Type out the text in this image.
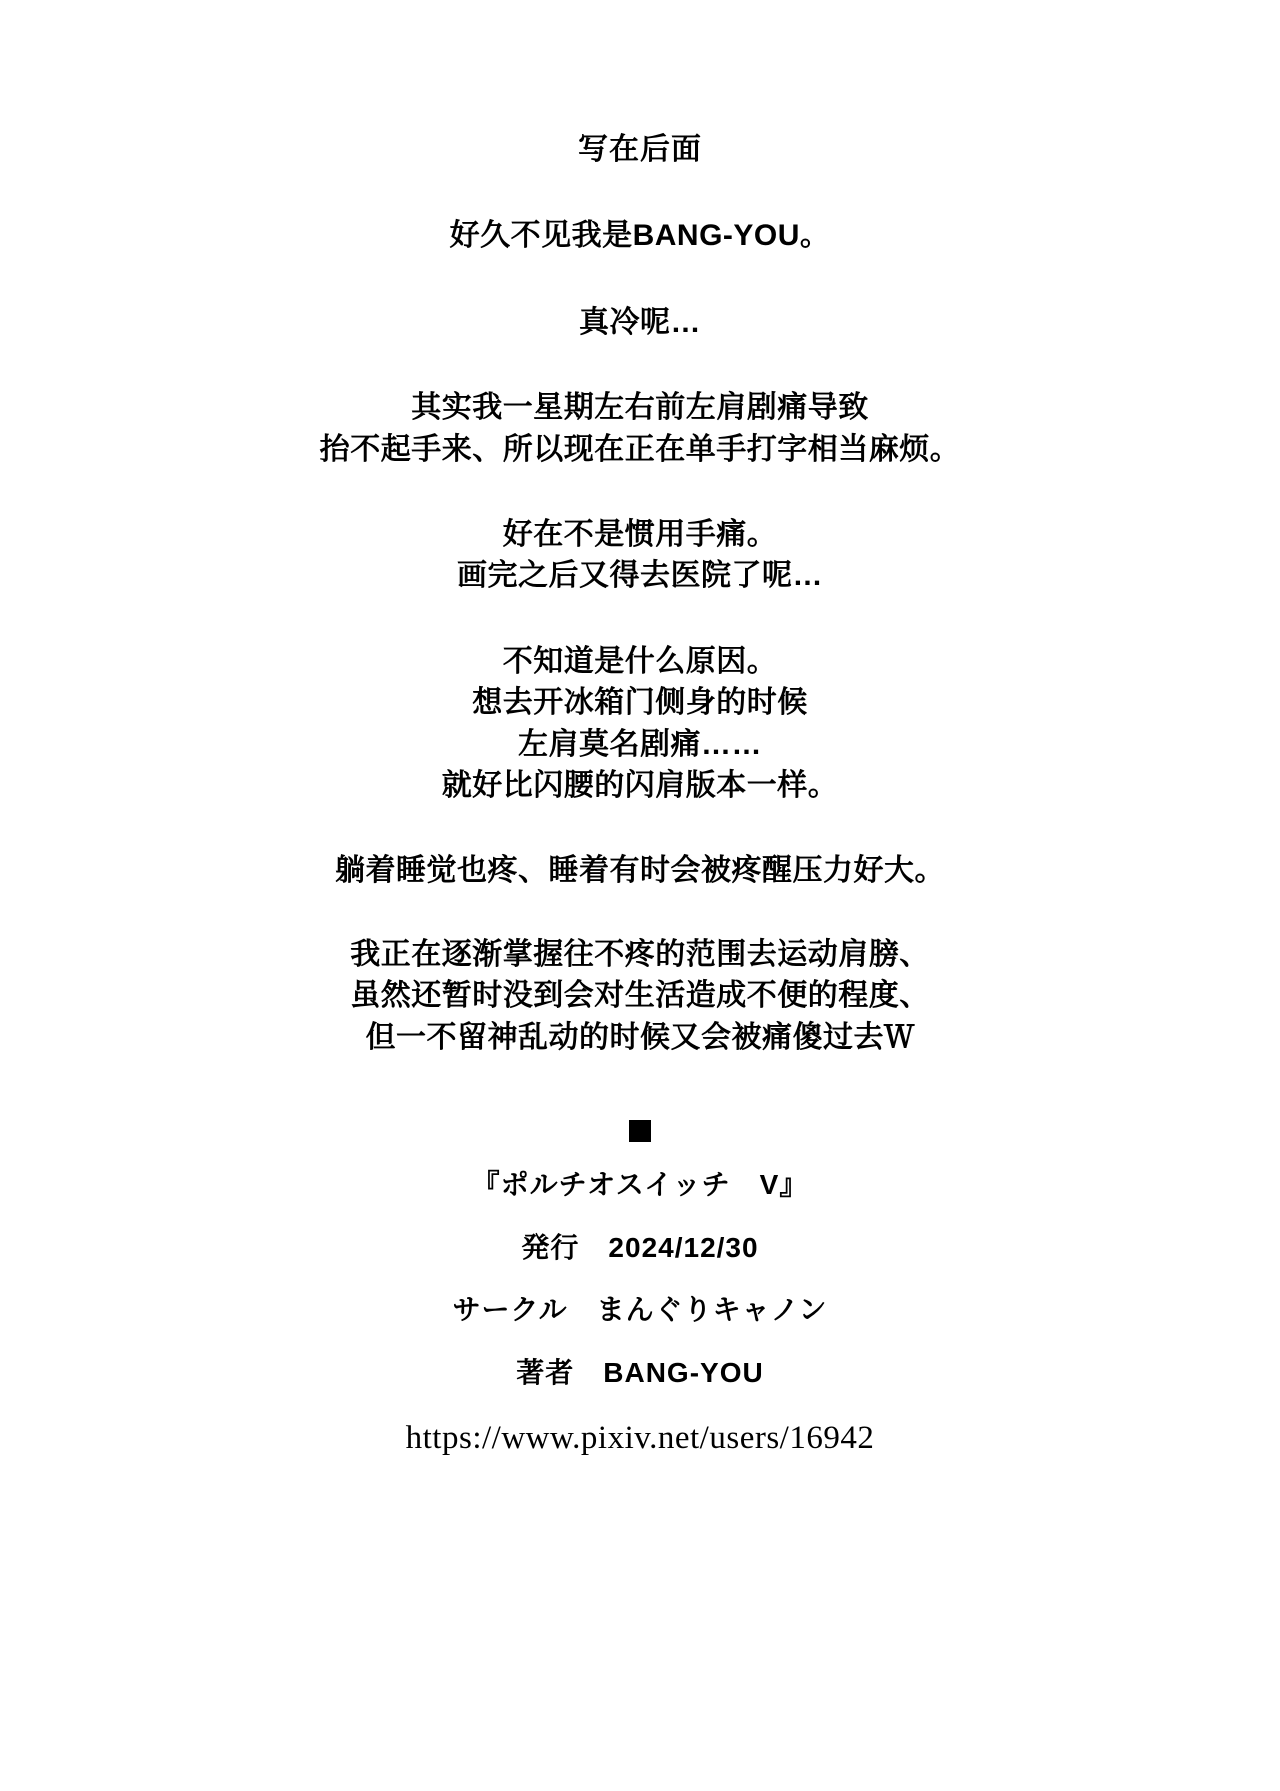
写在后面
好久不见我是BANG-YOU。
真冷呢…
其实我一星期左右前左肩剧痛导致
抬不起手来、所以现在正在单手打字相当麻烦。
好在不是惯用手痛。
画完之后又得去医院了呢…
不知道是什么原因。
想去开冰箱门侧身的时候
左肩莫名剧痛……
就好比闪腰的闪肩版本一样。
躺着睡觉也疼、睡着有时会被疼醒压力好大。
我正在逐渐掌握往不疼的范围去运动肩膀、
虽然还暂时没到会对生活造成不便的程度、
但一不留神乱动的时候又会被痛傻过去Ｗ
『ポルチオスイッチ　V』
発行　2024/12/30
サークル　まんぐりキャノン
著者　BANG-YOU
https://www.pixiv.net/users/16942
